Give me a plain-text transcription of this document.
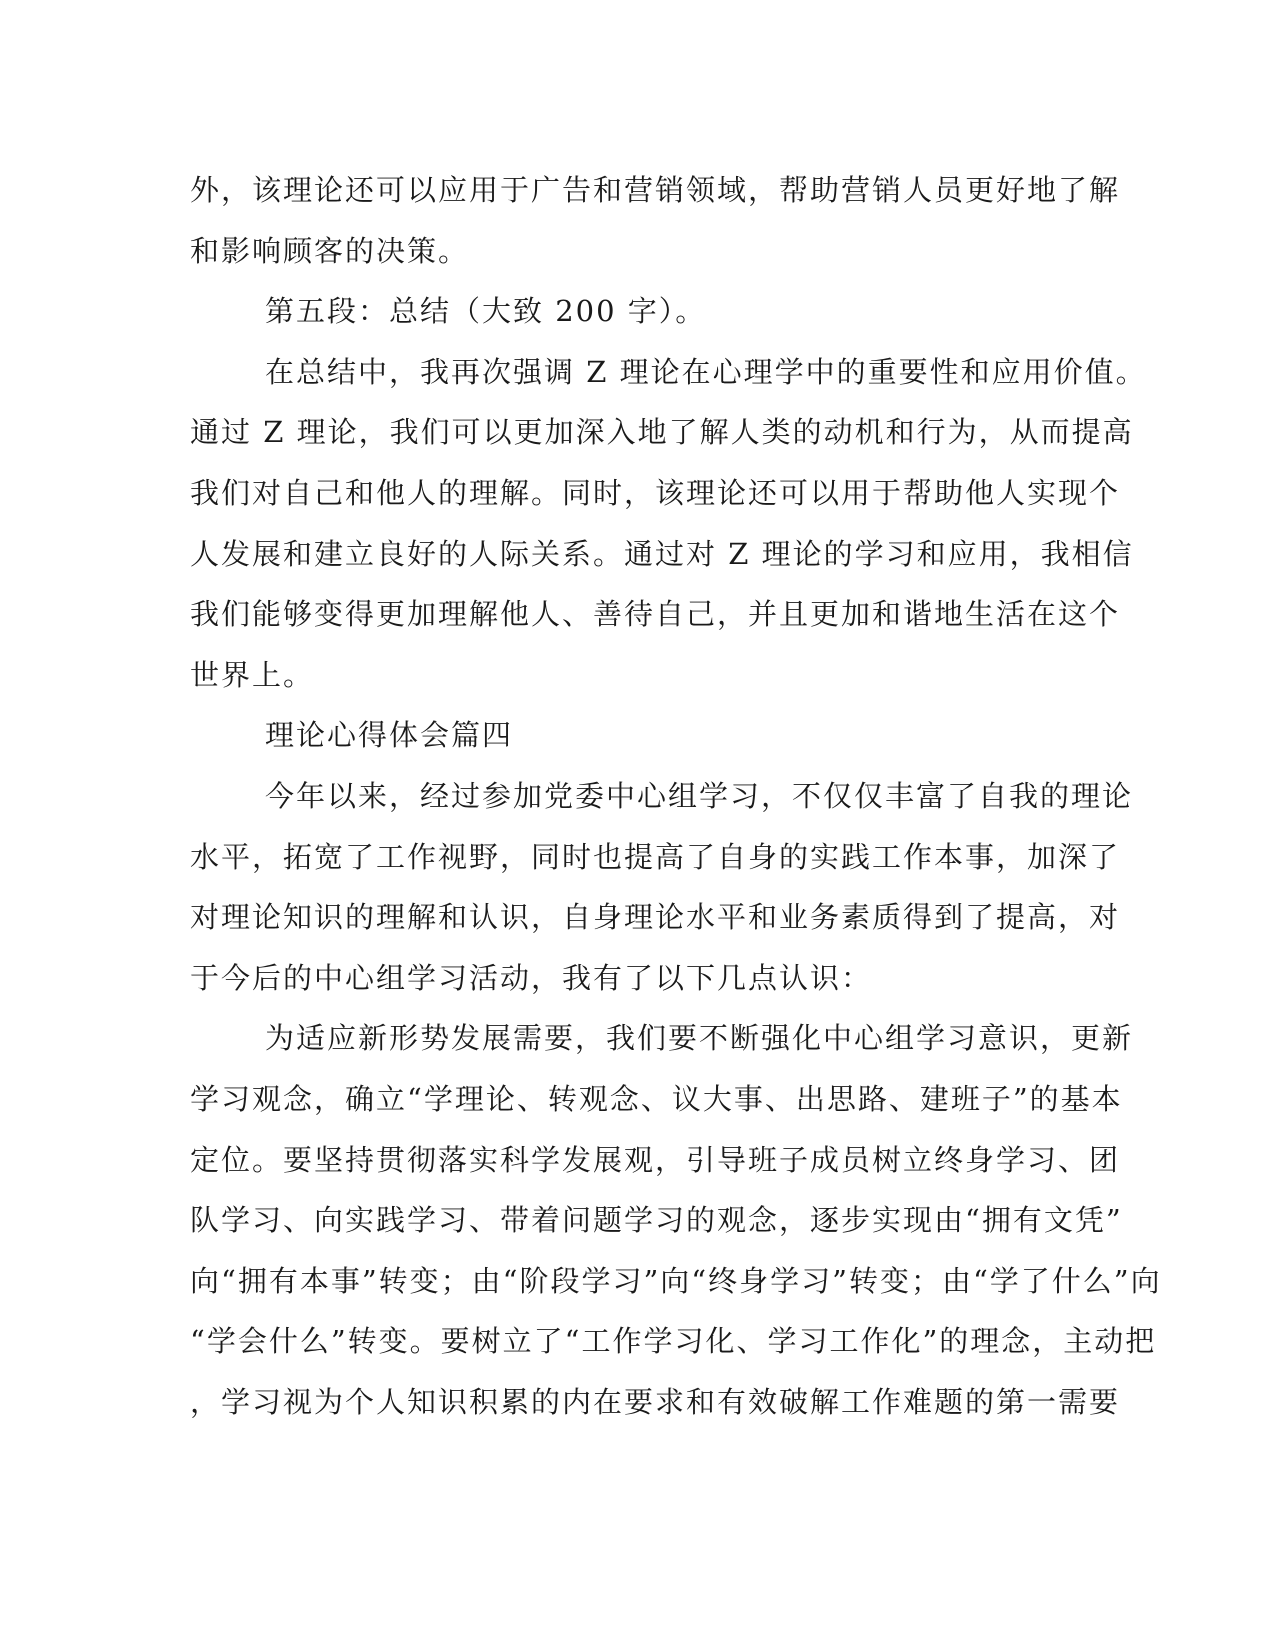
外，该理论还可以应用于广告和营销领域，帮助营销人员更好地了解
和影响顾客的决策。
第五段：总结（大致 200 字）。
在总结中，我再次强调 Z 理论在心理学中的重要性和应用价值。
通过 Z 理论，我们可以更加深入地了解人类的动机和行为，从而提高
我们对自己和他人的理解。同时，该理论还可以用于帮助他人实现个
人发展和建立良好的人际关系。通过对 Z 理论的学习和应用，我相信
我们能够变得更加理解他人、善待自己，并且更加和谐地生活在这个
世界上。
理论心得体会篇四
今年以来，经过参加党委中心组学习，不仅仅丰富了自我的理论
水平，拓宽了工作视野，同时也提高了自身的实践工作本事，加深了
对理论知识的理解和认识，自身理论水平和业务素质得到了提高，对
于今后的中心组学习活动，我有了以下几点认识：
为适应新形势发展需要，我们要不断强化中心组学习意识，更新
学习观念，确立“学理论、转观念、议大事、出思路、建班子”的基本
定位。要坚持贯彻落实科学发展观，引导班子成员树立终身学习、团
队学习、向实践学习、带着问题学习的观念，逐步实现由“拥有文凭”
向“拥有本事”转变；由“阶段学习”向“终身学习”转变；由“学了什么”向
“学会什么”转变。要树立了“工作学习化、学习工作化”的理念，主动把
，学习视为个人知识积累的内在要求和有效破解工作难题的第一需要
